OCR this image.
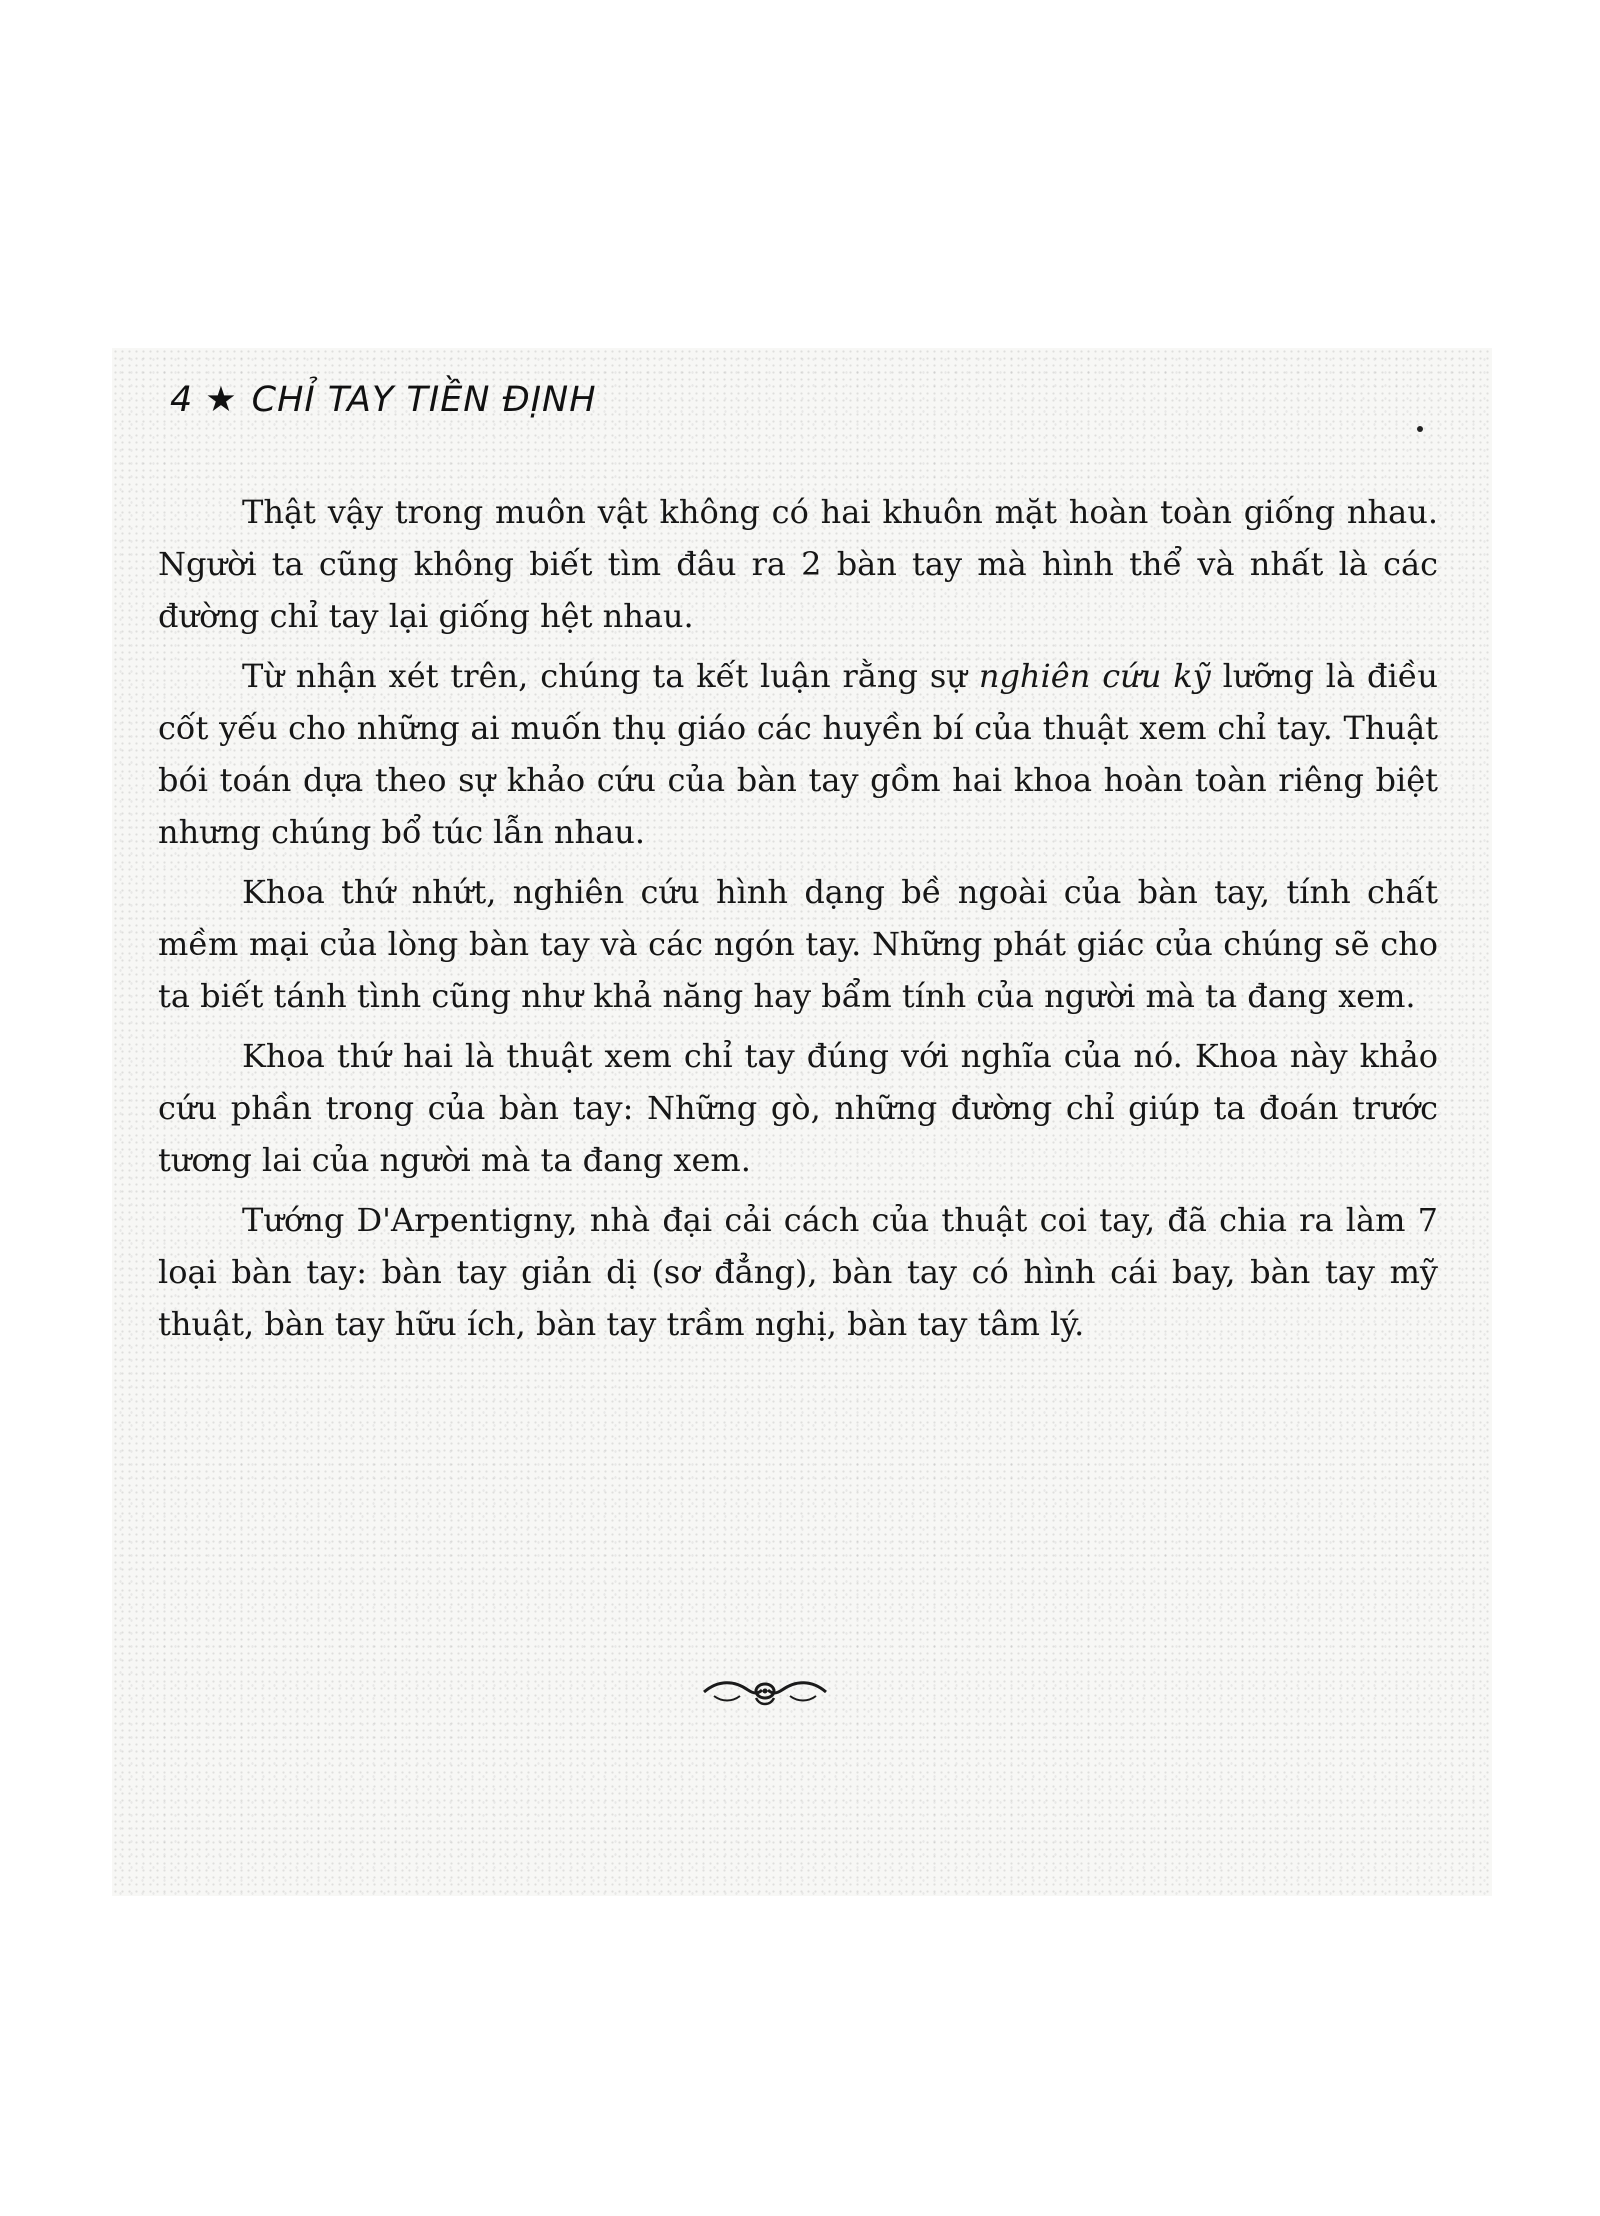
4 ★ CHỈ TAY TIỀN ĐỊNH

Thật vậy trong muôn vật không có hai khuôn mặt hoàn toàn giống nhau. Người ta cũng không biết tìm đâu ra 2 bàn tay mà hình thể và nhất là các đường chỉ tay lại giống hệt nhau.

Từ nhận xét trên, chúng ta kết luận rằng sự nghiên cứu kỹ lưỡng là điều cốt yếu cho những ai muốn thụ giáo các huyền bí của thuật xem chỉ tay. Thuật bói toán dựa theo sự khảo cứu của bàn tay gồm hai khoa hoàn toàn riêng biệt nhưng chúng bổ túc lẫn nhau.

Khoa thứ nhứt, nghiên cứu hình dạng bề ngoài của bàn tay, tính chất mềm mại của lòng bàn tay và các ngón tay. Những phát giác của chúng sẽ cho ta biết tánh tình cũng như khả năng hay bẩm tính của người mà ta đang xem.

Khoa thứ hai là thuật xem chỉ tay đúng với nghĩa của nó. Khoa này khảo cứu phần trong của bàn tay: Những gò, những đường chỉ giúp ta đoán trước tương lai của người mà ta đang xem.

Tướng D'Arpentigny, nhà đại cải cách của thuật coi tay, đã chia ra làm 7 loại bàn tay: bàn tay giản dị (sơ đẳng), bàn tay có hình cái bay, bàn tay mỹ thuật, bàn tay hữu ích, bàn tay trầm nghị, bàn tay tâm lý.
